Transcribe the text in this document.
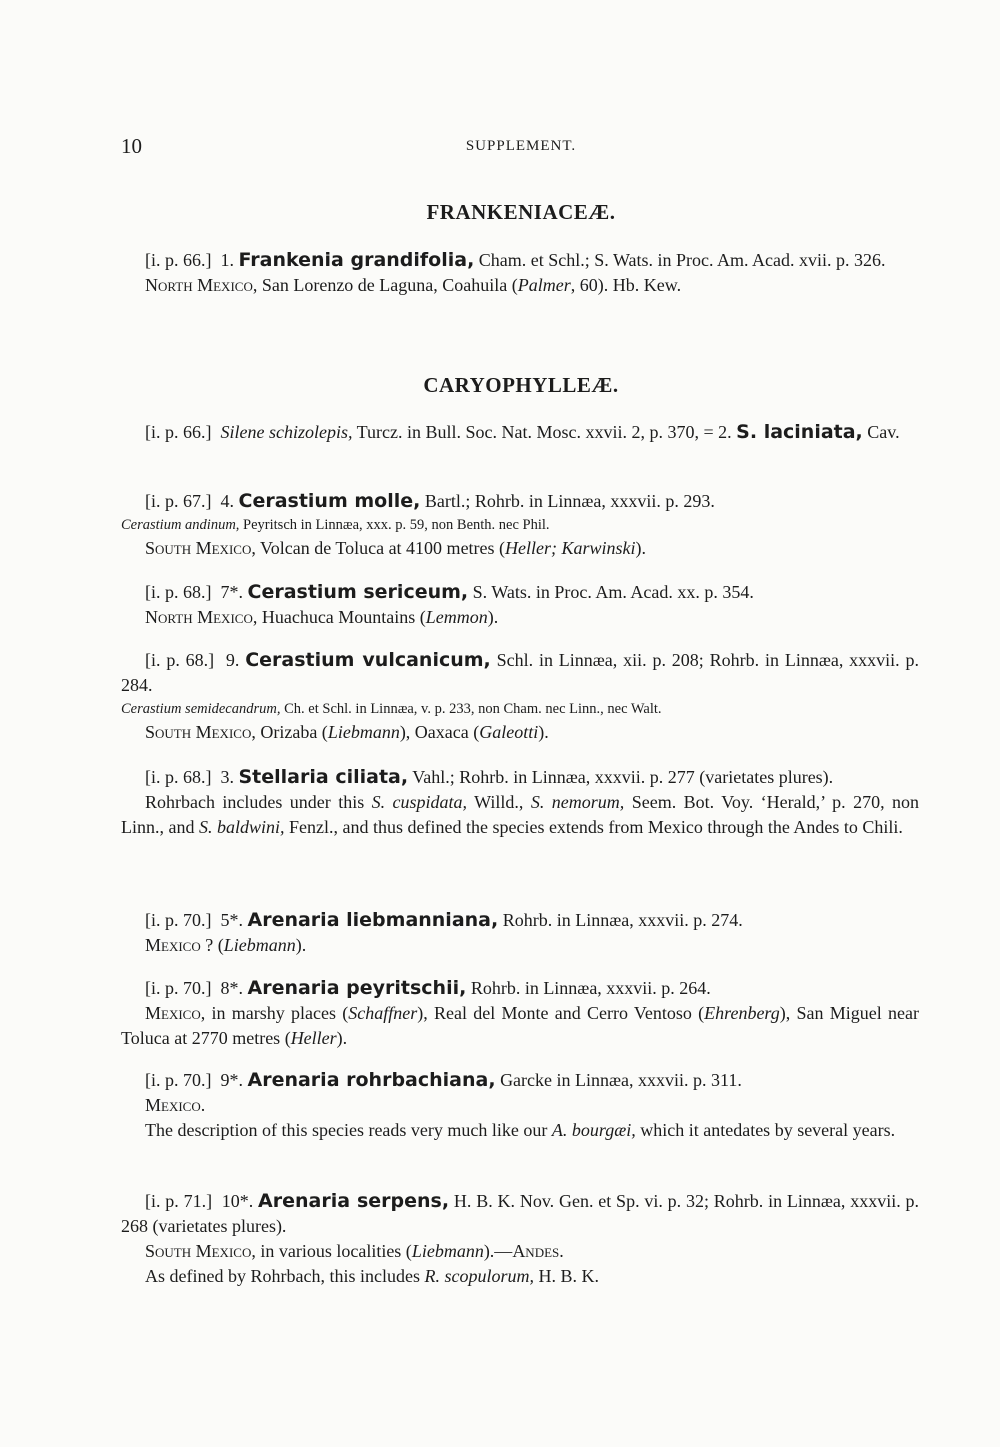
10	SUPPLEMENT.
FRANKENIACEÆ.

[i. p. 66.] 1. Frankenia grandifolia, Cham. et Schl.; S. Wats. in Proc. Am. Acad. xvii. p. 326.

North Mexico, San Lorenzo de Laguna, Coahuila (Palmer, 60). Hb. Kew.

CARYOPHYLLEÆ.

[i. p. 66.] Silene schizolepis, Turcz. in Bull. Soc. Nat. Mosc. xxvii. 2, p. 370, = 2. S. laciniata, Cav.

[i. p. 67.] 4. Cerastium molle, Bartl.; Rohrb. in Linnæa, xxxvii. p. 293.

Cerastium andinum, Peyritsch in Linnæa, xxx. p. 59, non Benth. nec Phil.

South Mexico, Volcan de Toluca at 4100 metres (Heller; Karwinski).

[i. p. 68.] 7*. Cerastium sericeum, S. Wats. in Proc. Am. Acad. xx. p. 354.

North Mexico, Huachuca Mountains (Lemmon).

[i. p. 68.] 9. Cerastium vulcanicum, Schl. in Linnæa, xii. p. 208; Rohrb. in Linnæa, xxxvii. p. 284.

Cerastium semidecandrum, Ch. et Schl. in Linnæa, v. p. 233, non Cham. nec Linn., nec Walt.

South Mexico, Orizaba (Liebmann), Oaxaca (Galeotti).

[i. p. 68.] 3. Stellaria ciliata, Vahl.; Rohrb. in Linnæa, xxxvii. p. 277 (varietates plures).

Rohrbach includes under this S. cuspidata, Willd., S. nemorum, Seem. Bot. Voy. ‘Herald,’ p. 270, non Linn., and S. baldwini, Fenzl., and thus defined the species extends from Mexico through the Andes to Chili.

[i. p. 70.] 5*. Arenaria liebmanniana, Rohrb. in Linnæa, xxxvii. p. 274.

Mexico ? (Liebmann).

[i. p. 70.] 8*. Arenaria peyritschii, Rohrb. in Linnæa, xxxvii. p. 264.

Mexico, in marshy places (Schaffner), Real del Monte and Cerro Ventoso (Ehrenberg), San Miguel near Toluca at 2770 metres (Heller).

[i. p. 70.] 9*. Arenaria rohrbachiana, Garcke in Linnæa, xxxvii. p. 311.

Mexico.

The description of this species reads very much like our A. bourgæi, which it antedates by several years.

[i. p. 71.] 10*. Arenaria serpens, H. B. K. Nov. Gen. et Sp. vi. p. 32; Rohrb. in Linnæa, xxxvii. p. 268 (varietates plures).

South Mexico, in various localities (Liebmann).—Andes.

As defined by Rohrbach, this includes R. scopulorum, H. B. K.
